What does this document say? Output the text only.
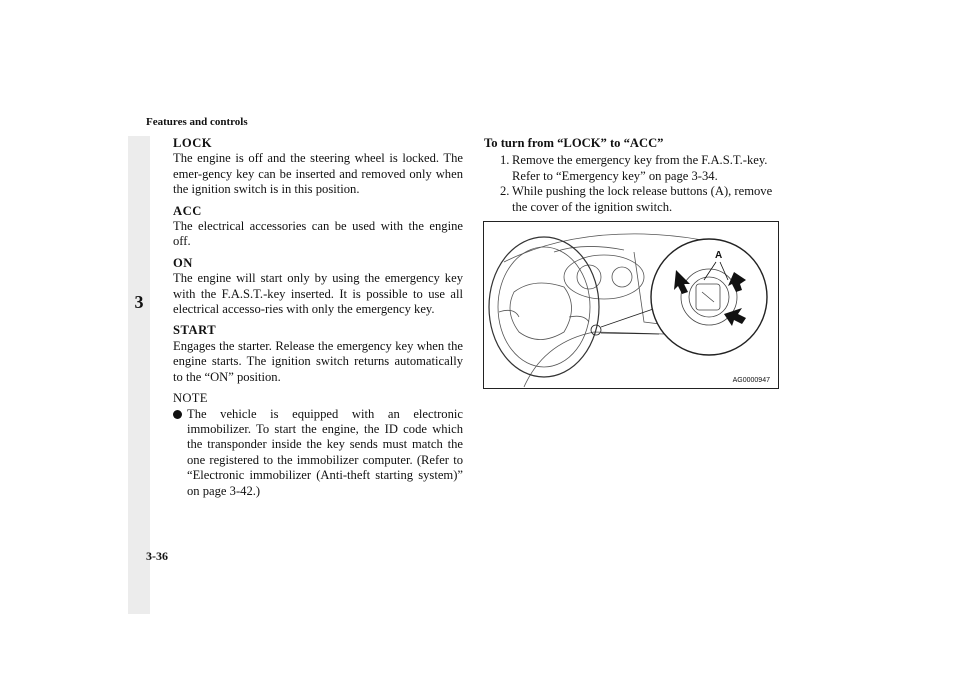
Features and controls
3
LOCK

The engine is off and the steering wheel is locked. The emer-gency key can be inserted and removed only when the ignition switch is in this position.

ACC

The electrical accessories can be used with the engine off.

ON

The engine will start only by using the emergency key with the F.A.S.T.-key inserted. It is possible to use all electrical accesso-ries with only the emergency key.

START

Engages the starter. Release the emergency key when the engine starts. The ignition switch returns automatically to the “ON” position.

NOTE
The vehicle is equipped with an electronic immobilizer. To start the engine, the ID code which the transponder inside the key sends must match the one registered to the immobilizer computer. (Refer to “Electronic immobilizer (Anti-theft starting system)” on page 3-42.)
To turn from “LOCK” to “ACC”
1. Remove the emergency key from the F.A.S.T.-key.
Refer to “Emergency key” on page 3-34.
2. While pushing the lock release buttons (A), remove the cover of the ignition switch.
A
AG0000947
3-36
